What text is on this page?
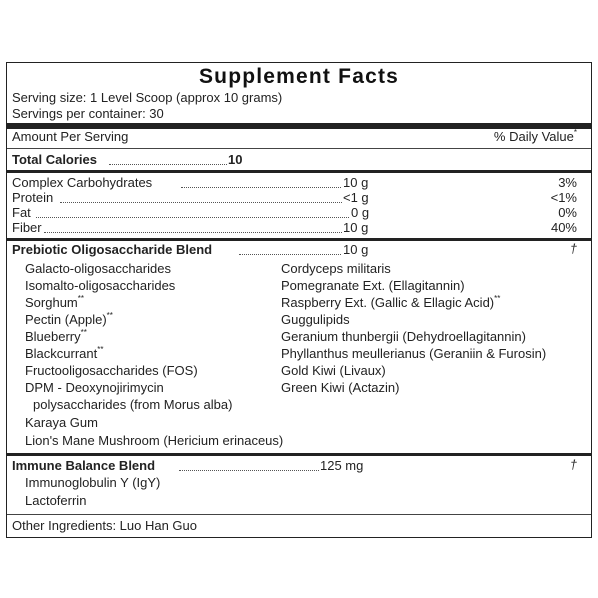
Supplement Facts
Serving size: 1 Level Scoop (approx 10 grams)
Servings per container: 30
Amount Per Serving	% Daily Value*
Total Calories	10
Complex Carbohydrates	10 g	3%
Protein	<1 g	<1%
Fat	0 g	0%
Fiber	10 g	40%
Prebiotic Oligosaccharide Blend	10 g	†
Galacto-oligosaccharides
Isomalto-oligosaccharides
Sorghum**
Pectin (Apple)**
Blueberry**
Blackcurrant**
Fructooligosaccharides (FOS)
DPM - Deoxynojirimycin
polysaccharides (from Morus alba)
Karaya Gum
Lion's Mane Mushroom (Hericium erinaceus)
Cordyceps militaris
Pomegranate Ext. (Ellagitannin)
Raspberry Ext. (Gallic & Ellagic Acid)**
Guggulipids
Geranium thunbergii (Dehydroellagitannin)
Phyllanthus meullerianus (Geraniin & Furosin)
Gold Kiwi (Livaux)
Green Kiwi (Actazin)
Immune Balance Blend	125 mg	†
Immunoglobulin Y (IgY)
Lactoferrin
Other Ingredients: Luo Han Guo
